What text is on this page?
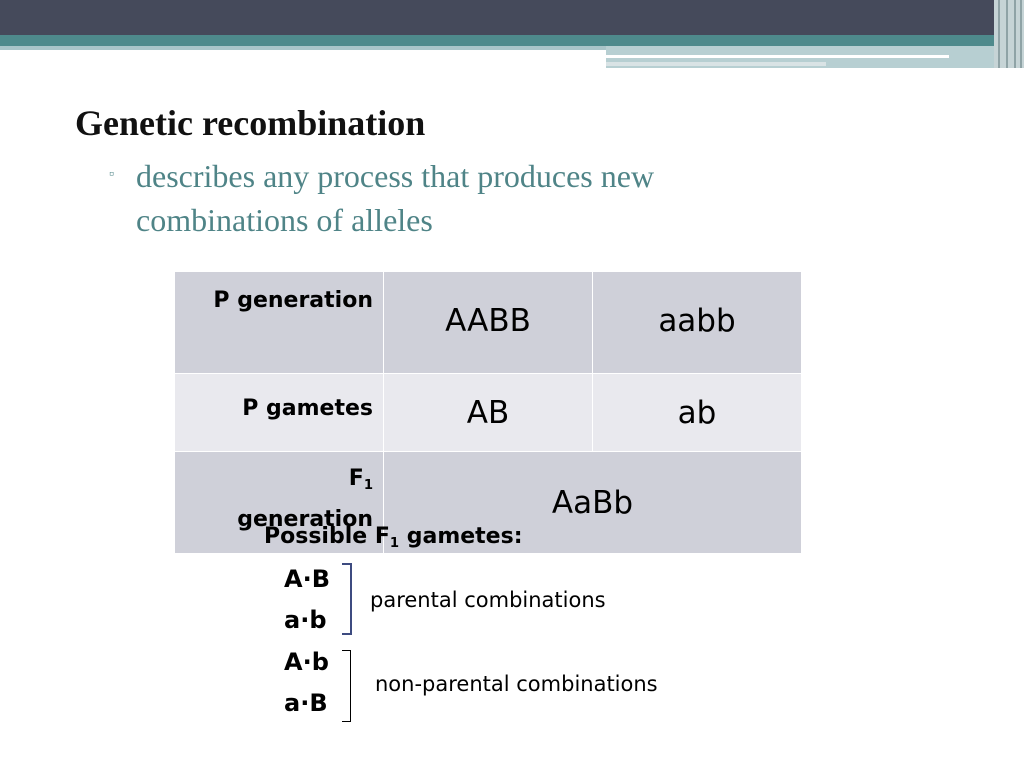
Genetic recombination
▫ describes any process that produces new combinations of alleles
P generation	AABB	aabb
P gametes	AB	ab
$F_1$
generation	AaBb	
Possible $F_1$ gametes:
A·B
a·b
parental combinations
A·b
a·B
non-parental combinations
